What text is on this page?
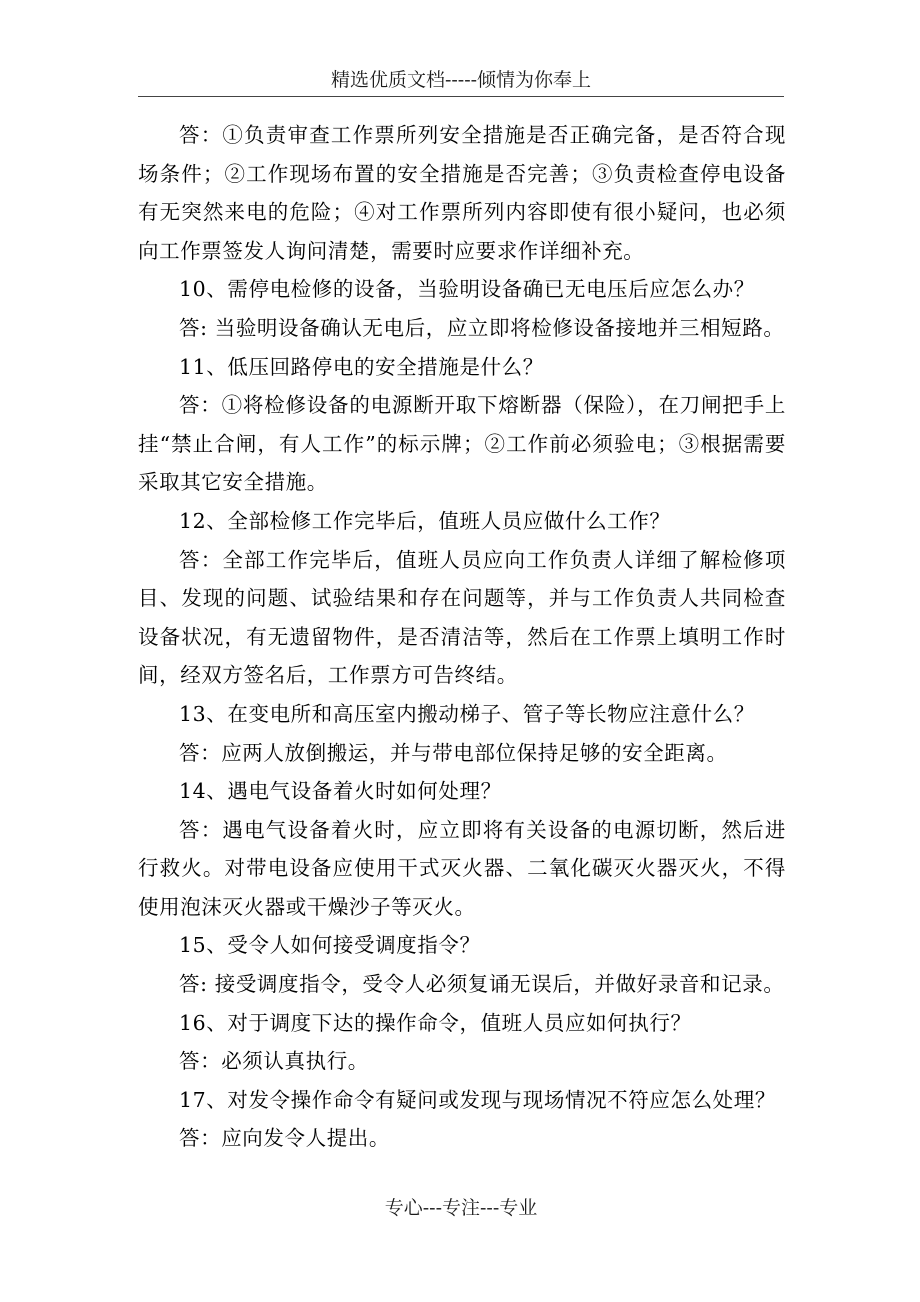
精选优质文档-----倾情为你奉上

答：①负责审查工作票所列安全措施是否正确完备，是否符合现场条件；②工作现场布置的安全措施是否完善；③负责检查停电设备有无突然来电的危险；④对工作票所列内容即使有很小疑问，也必须向工作票签发人询问清楚，需要时应要求作详细补充。

10、需停电检修的设备，当验明设备确已无电压后应怎么办？

答: 当验明设备确认无电后，应立即将检修设备接地并三相短路。

11、低压回路停电的安全措施是什么？

答：①将检修设备的电源断开取下熔断器（保险），在刀闸把手上挂“禁止合闸，有人工作”的标示牌；②工作前必须验电；③根据需要采取其它安全措施。

12、全部检修工作完毕后，值班人员应做什么工作？

答：全部工作完毕后，值班人员应向工作负责人详细了解检修项目、发现的问题、试验结果和存在问题等，并与工作负责人共同检查设备状况，有无遗留物件，是否清洁等，然后在工作票上填明工作时间，经双方签名后，工作票方可告终结。

13、在变电所和高压室内搬动梯子、管子等长物应注意什么？

答：应两人放倒搬运，并与带电部位保持足够的安全距离。

14、遇电气设备着火时如何处理？

答：遇电气设备着火时，应立即将有关设备的电源切断，然后进行救火。对带电设备应使用干式灭火器、二氧化碳灭火器灭火，不得使用泡沫灭火器或干燥沙子等灭火。

15、受令人如何接受调度指令？

答: 接受调度指令，受令人必须复诵无误后，并做好录音和记录。

16、对于调度下达的操作命令，值班人员应如何执行？

答：必须认真执行。

17、对发令操作命令有疑问或发现与现场情况不符应怎么处理？

答：应向发令人提出。

专心---专注---专业
